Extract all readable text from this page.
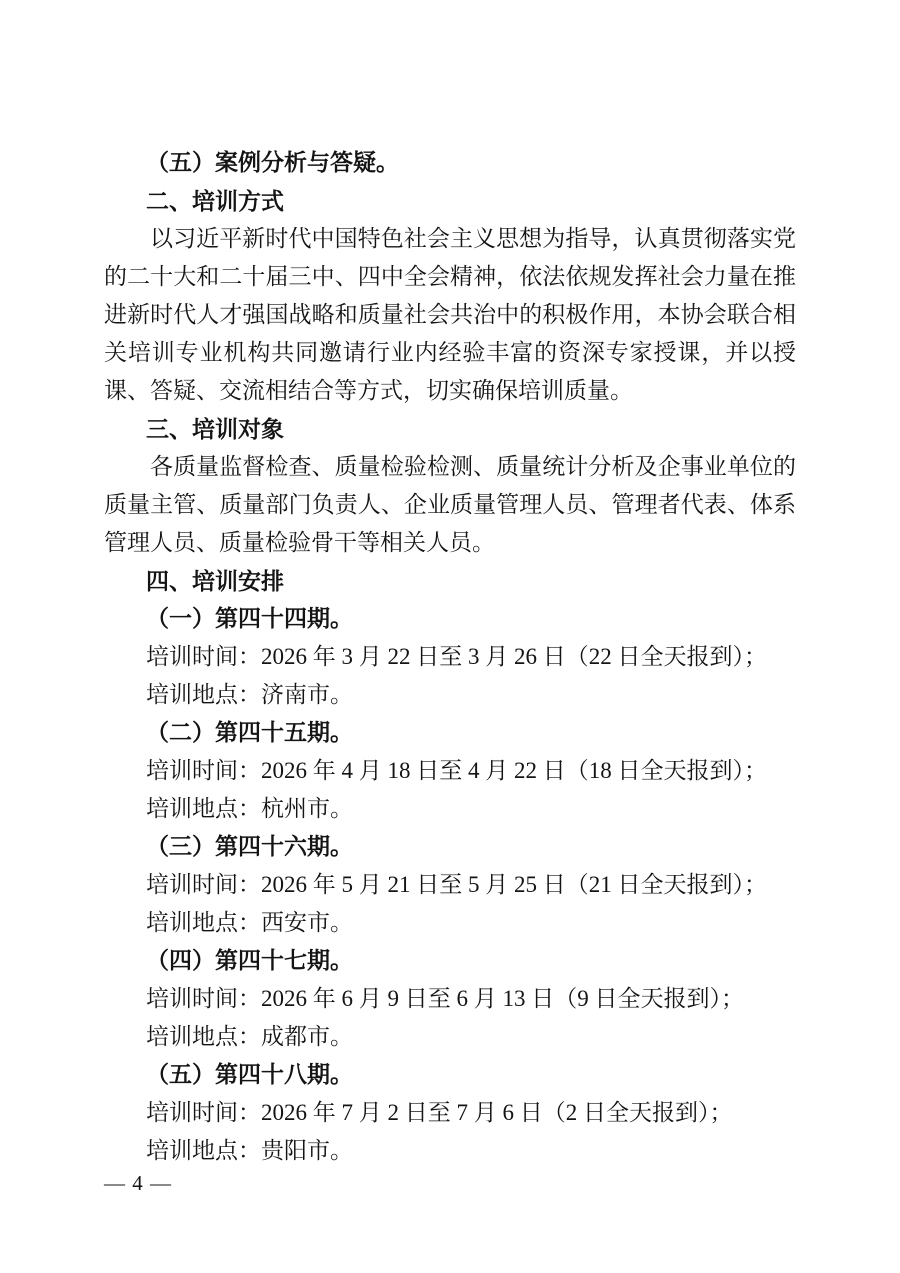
（五）案例分析与答疑。
二、培训方式
以习近平新时代中国特色社会主义思想为指导，认真贯彻落实党的二十大和二十届三中、四中全会精神，依法依规发挥社会力量在推进新时代人才强国战略和质量社会共治中的积极作用，本协会联合相关培训专业机构共同邀请行业内经验丰富的资深专家授课，并以授课、答疑、交流相结合等方式，切实确保培训质量。
三、培训对象
各质量监督检查、质量检验检测、质量统计分析及企事业单位的质量主管、质量部门负责人、企业质量管理人员、管理者代表、体系管理人员、质量检验骨干等相关人员。
四、培训安排
（一）第四十四期。
培训时间：2026 年 3 月 22 日至 3 月 26 日（22 日全天报到）；
培训地点：济南市。
（二）第四十五期。
培训时间：2026 年 4 月 18 日至 4 月 22 日（18 日全天报到）；
培训地点：杭州市。
（三）第四十六期。
培训时间：2026 年 5 月 21 日至 5 月 25 日（21 日全天报到）；
培训地点：西安市。
（四）第四十七期。
培训时间：2026 年 6 月 9 日至 6 月 13 日（9 日全天报到）；
培训地点：成都市。
（五）第四十八期。
培训时间：2026 年 7 月 2 日至 7 月 6 日（2 日全天报到）；
培训地点：贵阳市。
— 4 —
